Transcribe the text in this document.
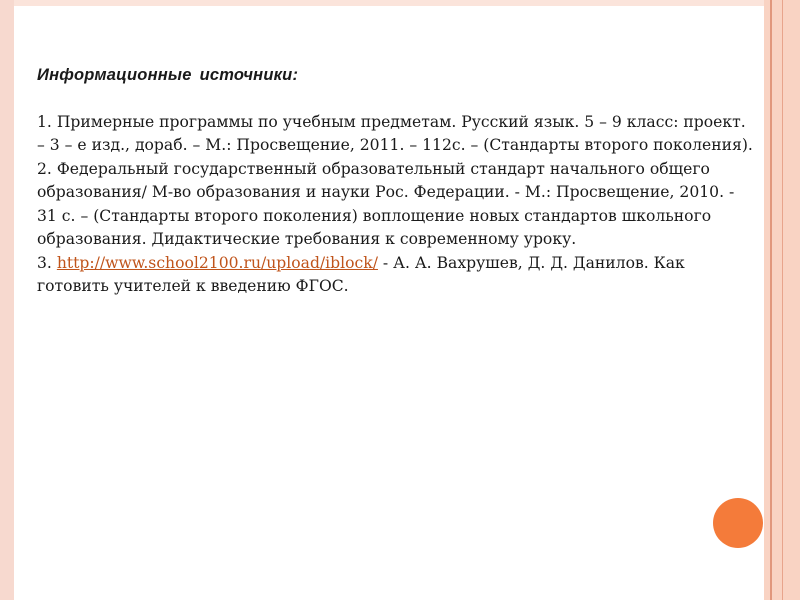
Информационные источники:

1. Примерные программы по учебным предметам. Русский язык. 5 – 9 класс: проект. – 3 – е изд., дораб. – М.: Просвещение, 2011. – 112с. – (Стандарты второго поколения).

2. Федеральный государственный образовательный стандарт начального общего образования/ М-во образования и науки Рос. Федерации. - М.: Просвещение, 2010. - 31 с. – (Стандарты второго поколения) воплощение новых стандартов школьного образования. Дидактические требования к современному уроку.

3. http://www.school2100.ru/upload/iblock/ - А. А. Вахрушев, Д. Д. Данилов. Как готовить учителей к введению ФГОС.
